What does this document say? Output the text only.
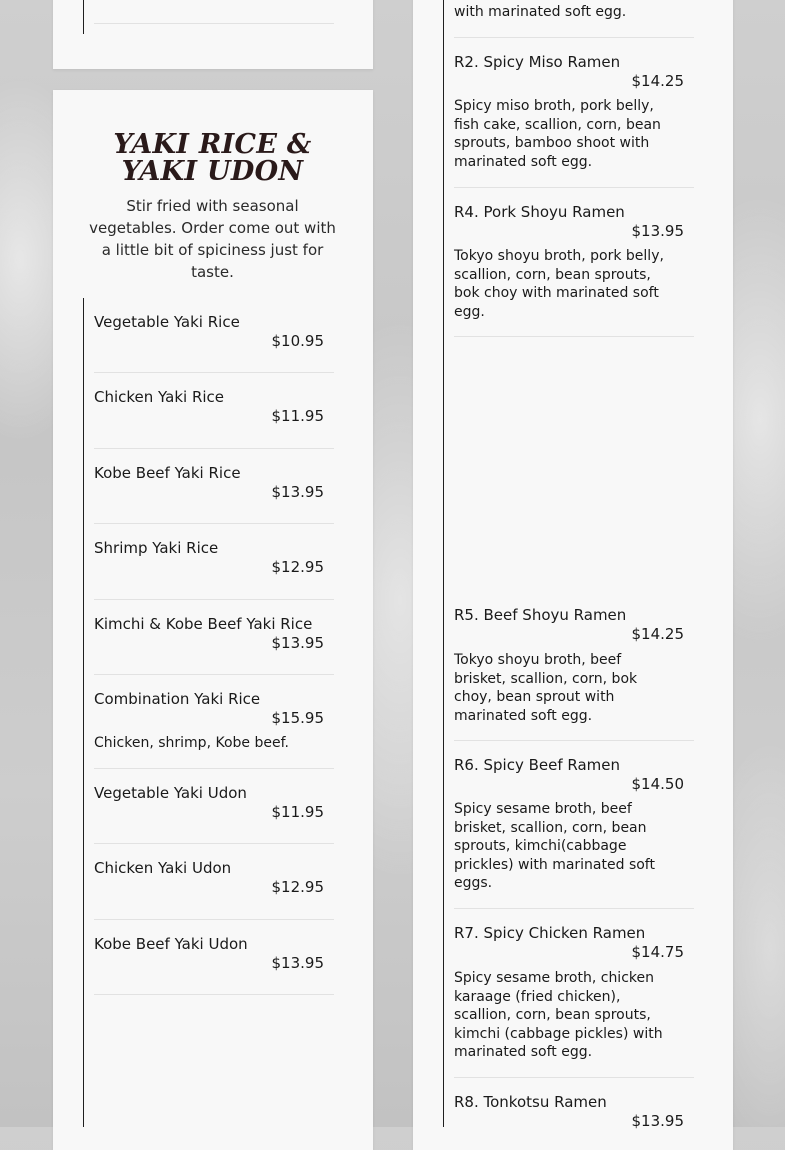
YAKI RICE & YAKI UDON

Stir fried with seasonal vegetables. Order come out with a little bit of spiciness just for taste.

Vegetable Yaki Rice
$10.95
Chicken Yaki Rice
$11.95
Kobe Beef Yaki Rice
$13.95
Shrimp Yaki Rice
$12.95
Kimchi & Kobe Beef Yaki Rice
$13.95
Combination Yaki Rice
$15.95
Chicken, shrimp, Kobe beef.
Vegetable Yaki Udon
$11.95
Chicken Yaki Udon
$12.95
Kobe Beef Yaki Udon
$13.95
with marinated soft egg.
R2. Spicy Miso Ramen
$14.25
Spicy miso broth, pork belly, fish cake, scallion, corn, bean sprouts, bamboo shoot with marinated soft egg.
R4. Pork Shoyu Ramen
$13.95
Tokyo shoyu broth, pork belly, scallion, corn, bean sprouts, bok choy with marinated soft egg.
R5. Beef Shoyu Ramen
$14.25
Tokyo shoyu broth, beef brisket, scallion, corn, bok choy, bean sprout with marinated soft egg.
R6. Spicy Beef Ramen
$14.50
Spicy sesame broth, beef brisket, scallion, corn, bean sprouts, kimchi(cabbage prickles) with marinated soft eggs.
R7. Spicy Chicken Ramen
$14.75
Spicy sesame broth, chicken karaage (fried chicken), scallion, corn, bean sprouts, kimchi (cabbage pickles) with marinated soft egg.
R8. Tonkotsu Ramen
$13.95
